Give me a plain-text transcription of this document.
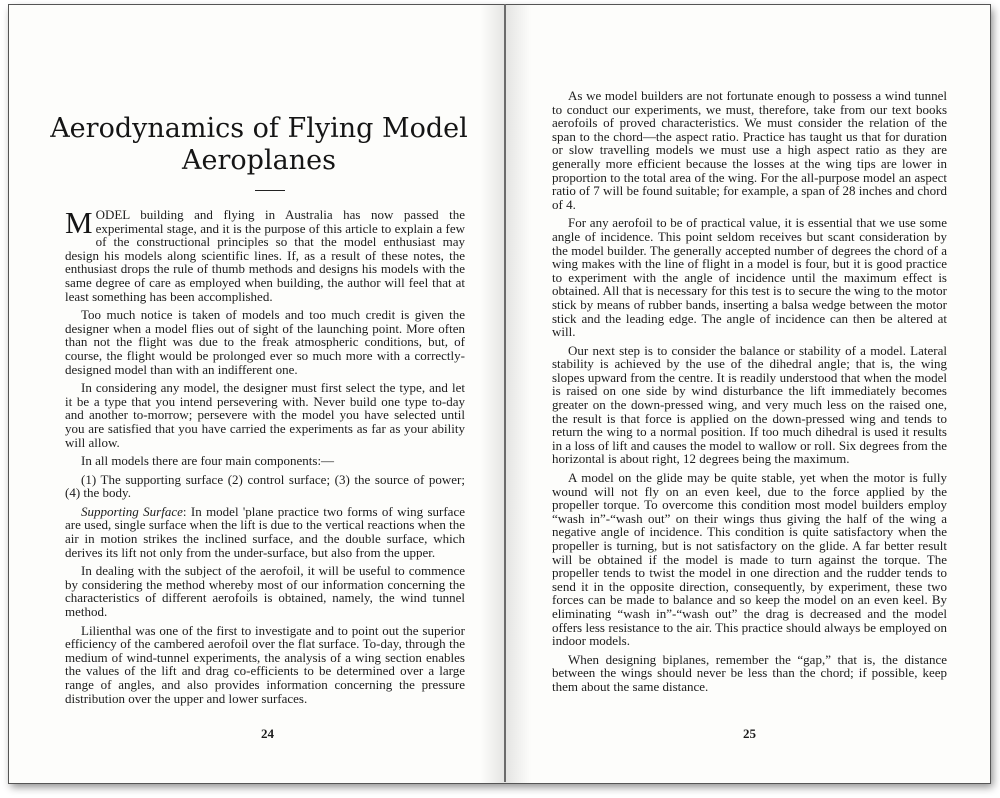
Aerodynamics of Flying Model
Aeroplanes

MODEL building and flying in Australia has now passed the experimental stage, and it is the purpose of this article to explain a few of the constructional principles so that the model enthusiast may design his models along scientific lines. If, as a result of these notes, the enthusiast drops the rule of thumb methods and designs his models with the same degree of care as employed when building, the author will feel that at least something has been accomplished.

Too much notice is taken of models and too much credit is given the designer when a model flies out of sight of the launching point. More often than not the flight was due to the freak atmospheric conditions, but, of course, the flight would be prolonged ever so much more with a correctly-designed model than with an indifferent one.

In considering any model, the designer must first select the type, and let it be a type that you intend persevering with. Never build one type to-day and another to-morrow; persevere with the model you have selected until you are satisfied that you have carried the experiments as far as your ability will allow.

In all models there are four main components:—

(1) The supporting surface (2) control surface; (3) the source of power; (4) the body.

Supporting Surface: In model 'plane practice two forms of wing surface are used, single surface when the lift is due to the vertical reactions when the air in motion strikes the inclined surface, and the double surface, which derives its lift not only from the under-surface, but also from the upper.

In dealing with the subject of the aerofoil, it will be useful to commence by considering the method whereby most of our information concerning the characteristics of different aerofoils is obtained, namely, the wind tunnel method.

Lilienthal was one of the first to investigate and to point out the superior efficiency of the cambered aerofoil over the flat surface. To-day, through the medium of wind-tunnel experiments, the analysis of a wing section enables the values of the lift and drag co-efficients to be determined over a large range of angles, and also provides information concerning the pressure distribution over the upper and lower surfaces.

24

As we model builders are not fortunate enough to possess a wind tunnel to conduct our experiments, we must, therefore, take from our text books aerofoils of proved characteristics. We must consider the relation of the span to the chord—the aspect ratio. Practice has taught us that for duration or slow travelling models we must use a high aspect ratio as they are generally more efficient because the losses at the wing tips are lower in proportion to the total area of the wing. For the all-purpose model an aspect ratio of 7 will be found suitable; for example, a span of 28 inches and chord of 4.

For any aerofoil to be of practical value, it is essential that we use some angle of incidence. This point seldom receives but scant consideration by the model builder. The generally accepted number of degrees the chord of a wing makes with the line of flight in a model is four, but it is good practice to experiment with the angle of incidence until the maximum effect is obtained. All that is necessary for this test is to secure the wing to the motor stick by means of rubber bands, inserting a balsa wedge between the motor stick and the leading edge. The angle of incidence can then be altered at will.

Our next step is to consider the balance or stability of a model. Lateral stability is achieved by the use of the dihedral angle; that is, the wing slopes upward from the centre. It is readily understood that when the model is raised on one side by wind disturbance the lift immediately becomes greater on the down-pressed wing, and very much less on the raised one, the result is that force is applied on the down-pressed wing and tends to return the wing to a normal position. If too much dihedral is used it results in a loss of lift and causes the model to wallow or roll. Six degrees from the horizontal is about right, 12 degrees being the maximum.

A model on the glide may be quite stable, yet when the motor is fully wound will not fly on an even keel, due to the force applied by the propeller torque. To overcome this condition most model builders employ “wash in”-“wash out” on their wings thus giving the half of the wing a negative angle of incidence. This condition is quite satisfactory when the propeller is turning, but is not satisfactory on the glide. A far better result will be obtained if the model is made to turn against the torque. The propeller tends to twist the model in one direction and the rudder tends to send it in the opposite direction, consequently, by experiment, these two forces can be made to balance and so keep the model on an even keel. By eliminating “wash in”-“wash out” the drag is decreased and the model offers less resistance to the air. This practice should always be employed on indoor models.

When designing biplanes, remember the “gap,” that is, the distance between the wings should never be less than the chord; if possible, keep them about the same distance.

25
